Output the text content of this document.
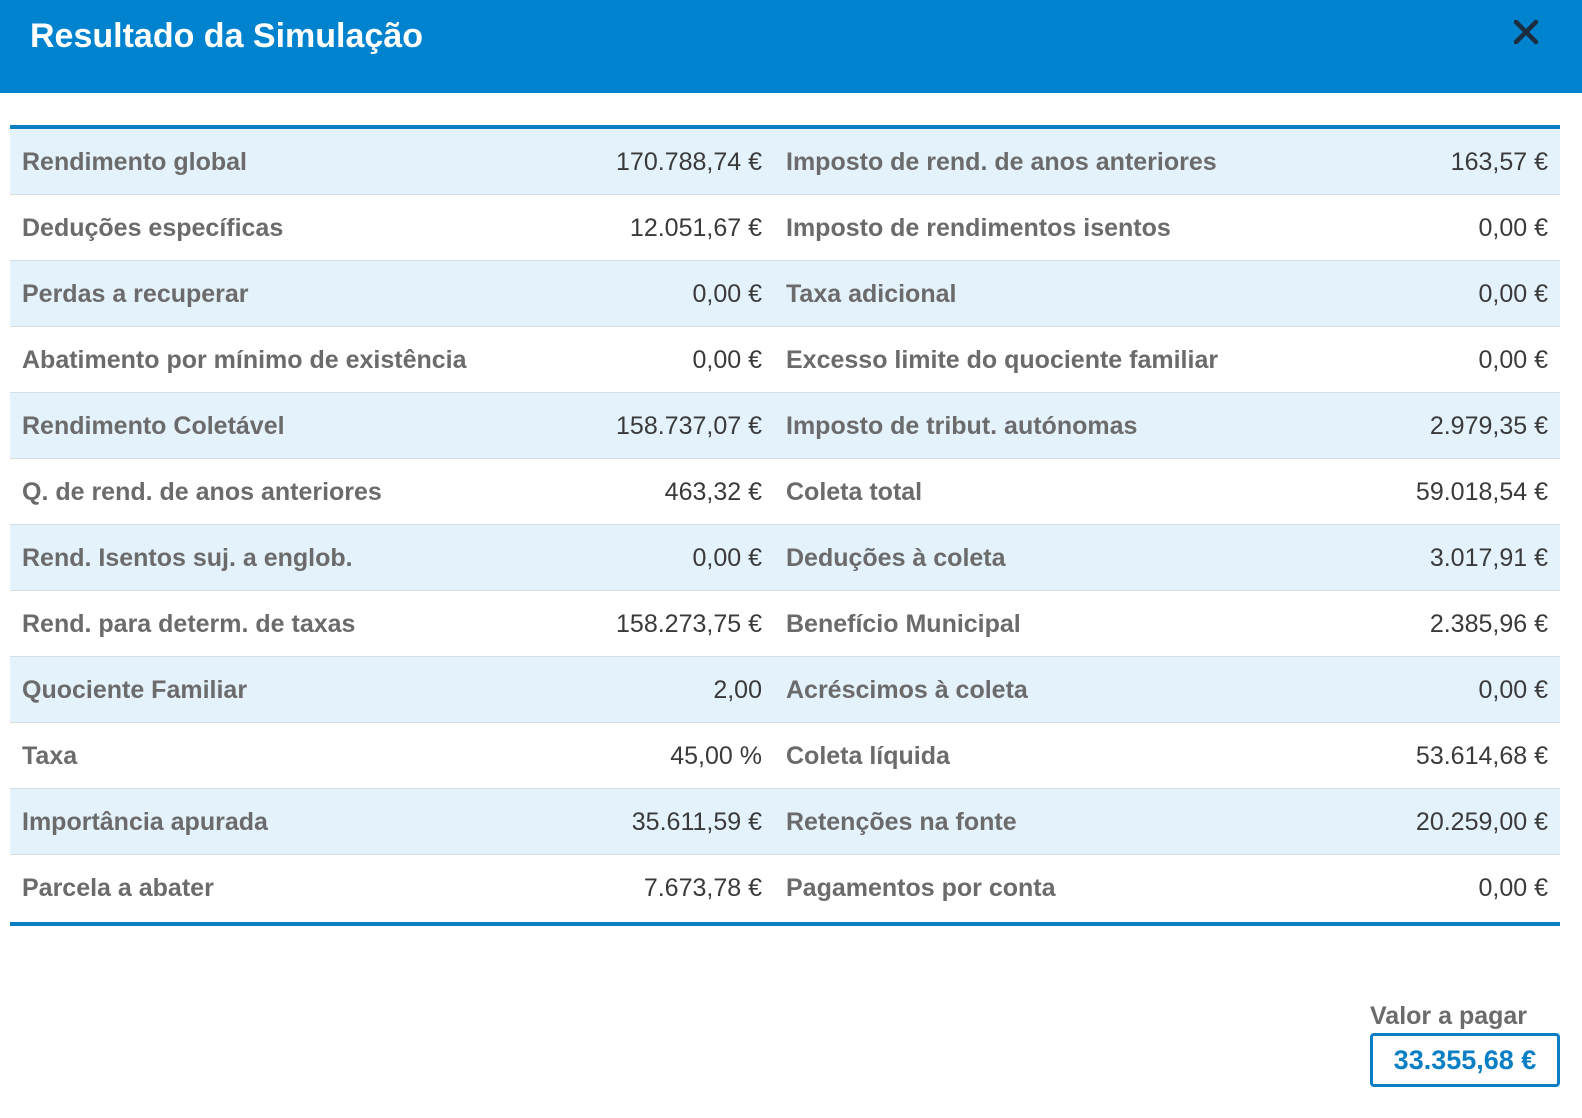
Resultado da Simulação
Rendimento global	170.788,74 € Imposto de rend. de anos anteriores	163,57 €
Deduções específicas	12.051,67 € Imposto de rendimentos isentos	0,00 €
Perdas a recuperar	0,00 € Taxa adicional	0,00 €
Abatimento por mínimo de existência	0,00 € Excesso limite do quociente familiar	0,00 €
Rendimento Coletável	158.737,07 € Imposto de tribut. autónomas	2.979,35 €
Q. de rend. de anos anteriores	463,32 € Coleta total	59.018,54 €
Rend. Isentos suj. a englob.	0,00 € Deduções à coleta	3.017,91 €
Rend. para determ. de taxas	158.273,75 € Benefício Municipal	2.385,96 €
Quociente Familiar	2,00 Acréscimos à coleta	0,00 €
Taxa	45,00 % Coleta líquida	53.614,68 €
Importância apurada	35.611,59 € Retenções na fonte	20.259,00 €
Parcela a abater	7.673,78 € Pagamentos por conta	0,00 €
Valor a pagar
33.355,68 €
